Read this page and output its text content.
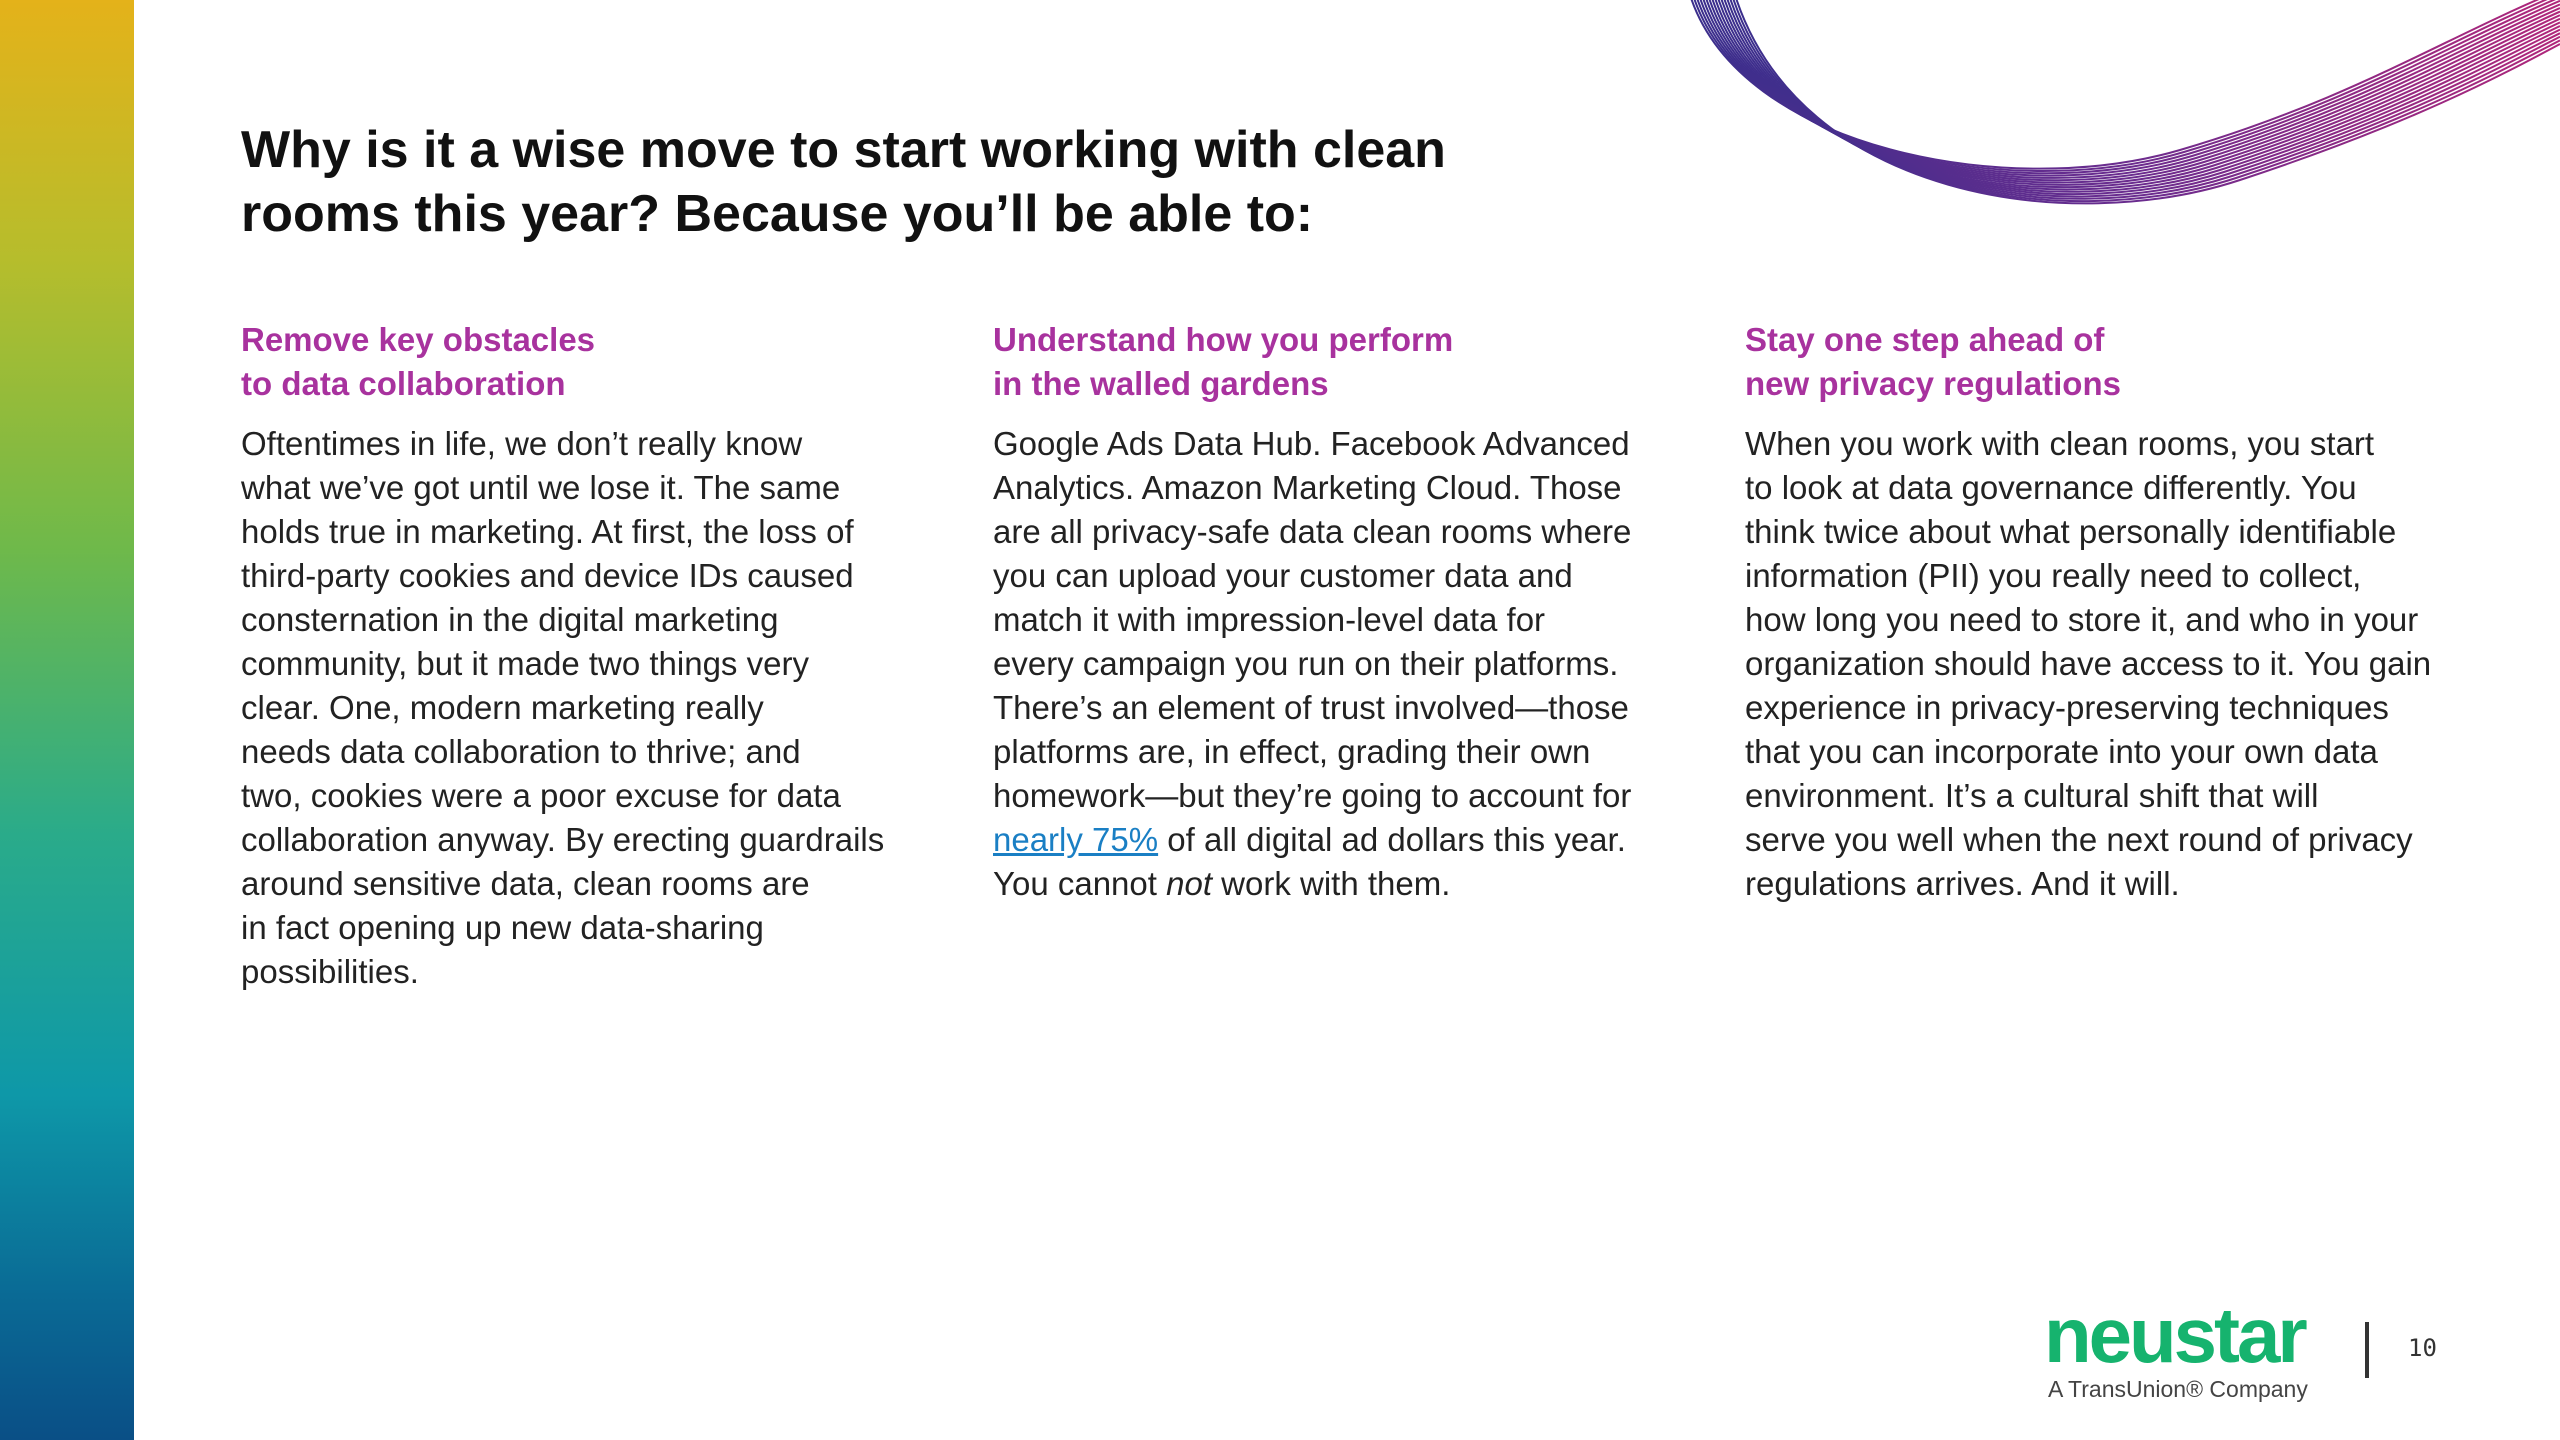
Why is it a wise move to start working with clean
rooms this year? Because you’ll be able to:
Remove key obstacles
to data collaboration

Oftentimes in life, we don’t really know
what we’ve got until we lose it. The same
holds true in marketing. At first, the loss of
third-party cookies and device IDs caused
consternation in the digital marketing
community, but it made two things very
clear. One, modern marketing really
needs data collaboration to thrive; and
two, cookies were a poor excuse for data
collaboration anyway. By erecting guardrails
around sensitive data, clean rooms are
in fact opening up new data-sharing
possibilities.

Understand how you perform
in the walled gardens

Google Ads Data Hub. Facebook Advanced
Analytics. Amazon Marketing Cloud. Those
are all privacy-safe data clean rooms where
you can upload your customer data and
match it with impression-level data for
every campaign you run on their platforms.
There’s an element of trust involved—those
platforms are, in effect, grading their own
homework—but they’re going to account for
nearly 75% of all digital ad dollars this year.
You cannot not work with them.

Stay one step ahead of
new privacy regulations

When you work with clean rooms, you start
to look at data governance differently. You
think twice about what personally identifiable
information (PII) you really need to collect,
how long you need to store it, and who in your
organization should have access to it. You gain
experience in privacy-preserving techniques
that you can incorporate into your own data
environment. It’s a cultural shift that will
serve you well when the next round of privacy
regulations arrives. And it will.

neustar
A TransUnion® Company
10
